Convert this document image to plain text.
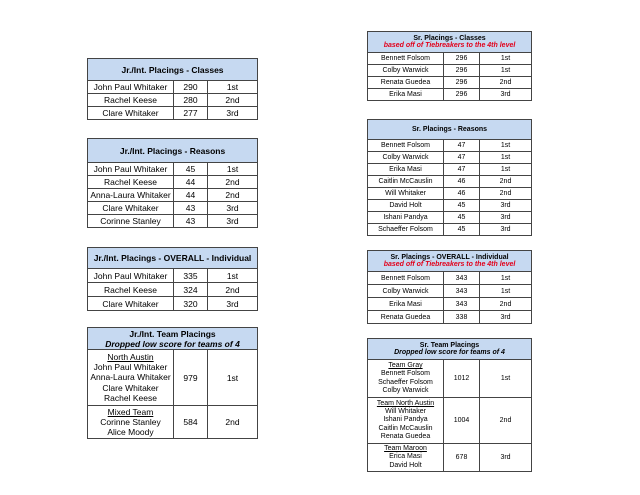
Jr./Int. Placings - Classes		
John Paul Whitaker	290	1st
Rachel Keese	280	2nd
Clare Whitaker	277	3rd
Jr./Int. Placings - Reasons		
John Paul Whitaker	45	1st
Rachel Keese	44	2nd
Anna-Laura Whitaker	44	2nd
Clare Whitaker	43	3rd
Corinne Stanley	43	3rd
Jr./Int. Placings - OVERALL - Individual		
John Paul Whitaker	335	1st
Rachel Keese	324	2nd
Clare Whitaker	320	3rd
Jr./Int. Team Placings
Dropped low score for teams of 4		

North Austin
John Paul Whitaker
Anna-Laura Whitaker
Clare Whitaker
Rachel Keese	979	1st

Mixed Team
Corinne Stanley
Alice Moody	584	2nd
Sr. Placings - Classes
based off of Tiebreakers to the 4th level		

Bennett Folsom	296	1st
Colby Warwick	296	1st
Renata Guedea	296	2nd
Erika Masi	296	3rd
Sr. Placings - Reasons		
Bennett Folsom	47	1st
Colby Warwick	47	1st
Erika Masi	47	1st
Caitlin McCauslin	46	2nd
Will Whitaker	46	2nd
David Holt	45	3rd
Ishani Pandya	45	3rd
Schaeffer Folsom	45	3rd
Sr. Placings - OVERALL - Individual
based off of Tiebreakers to the 4th level		

Bennett Folsom	343	1st
Colby Warwick	343	1st
Erika Masi	343	2nd
Renata Guedea	338	3rd
Sr. Team Placings
Dropped low score for teams of 4		

Team Gray
Bennett Folsom
Schaeffer Folsom
Colby Warwick	1012	1st

Team North Austin
Will Whitaker
Ishani Pandya
Caitlin McCauslin
Renata Guedea	1004	2nd

Team Maroon
Erica Masi
David Holt	678	3rd
